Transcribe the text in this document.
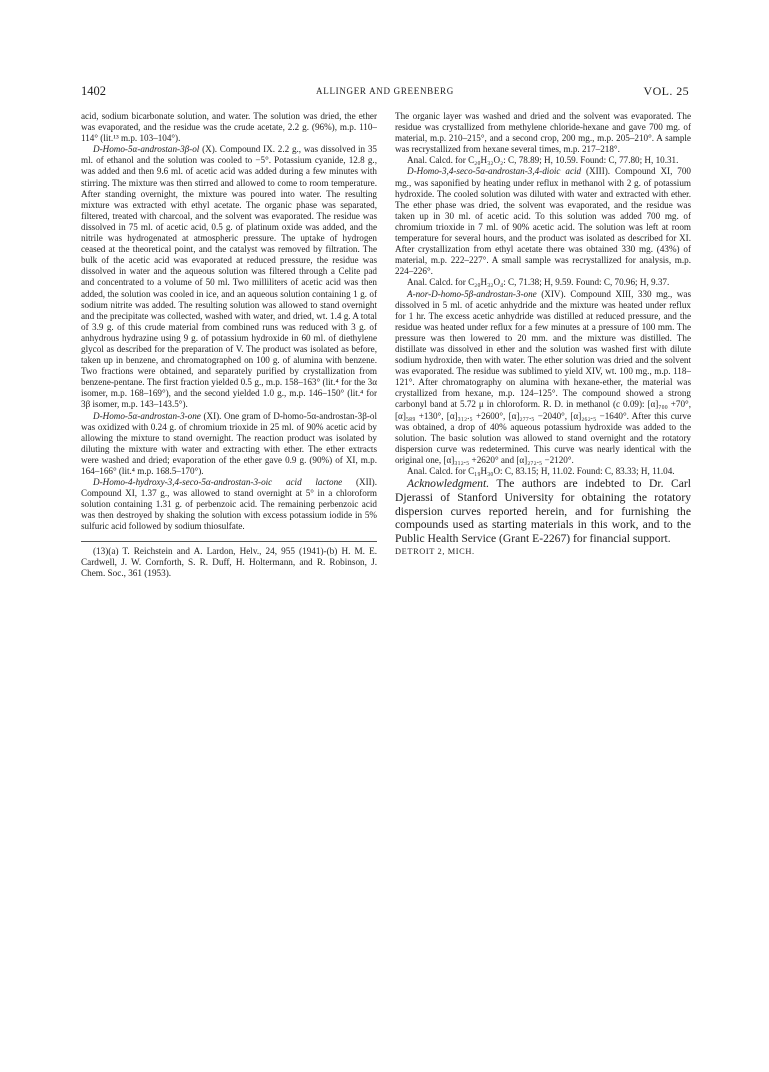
1402	ALLINGER AND GREENBERG	VOL. 25

acid, sodium bicarbonate solution, and water. The solution was dried, the ether was evaporated, and the residue was the crude acetate, 2.2 g. (96%), m.p. 110–114° (lit.¹³ m.p. 103–104°).

D-Homo-5α-androstan-3β-ol (X). Compound IX. 2.2 g., was dissolved in 35 ml. of ethanol and the solution was cooled to −5°. Potassium cyanide, 12.8 g., was added and then 9.6 ml. of acetic acid was added during a few minutes with stirring. The mixture was then stirred and allowed to come to room temperature. After standing overnight, the mixture was poured into water. The resulting mixture was extracted with ethyl acetate. The organic phase was separated, filtered, treated with charcoal, and the solvent was evaporated. The residue was dissolved in 75 ml. of acetic acid, 0.5 g. of platinum oxide was added, and the nitrile was hydrogenated at atmospheric pressure. The uptake of hydrogen ceased at the theoretical point, and the catalyst was removed by filtration. The bulk of the acetic acid was evaporated at reduced pressure, the residue was dissolved in water and the aqueous solution was filtered through a Celite pad and concentrated to a volume of 50 ml. Two milliliters of acetic acid was then added, the solution was cooled in ice, and an aqueous solution containing 1 g. of sodium nitrite was added. The resulting solution was allowed to stand overnight and the precipitate was collected, washed with water, and dried, wt. 1.4 g. A total of 3.9 g. of this crude material from combined runs was reduced with 3 g. of anhydrous hydrazine using 9 g. of potassium hydroxide in 60 ml. of diethylene glycol as described for the preparation of V. The product was isolated as before, taken up in benzene, and chromatographed on 100 g. of alumina with benzene. Two fractions were obtained, and separately purified by crystallization from benzene-pentane. The first fraction yielded 0.5 g., m.p. 158–163° (lit.⁴ for the 3α isomer, m.p. 168–169°), and the second yielded 1.0 g., m.p. 146–150° (lit.⁴ for 3β isomer, m.p. 143–143.5°).

D-Homo-5α-androstan-3-one (XI). One gram of D-homo-5α-androstan-3β-ol was oxidized with 0.24 g. of chromium trioxide in 25 ml. of 90% acetic acid by allowing the mixture to stand overnight. The reaction product was isolated by diluting the mixture with water and extracting with ether. The ether extracts were washed and dried; evaporation of the ether gave 0.9 g. (90%) of XI, m.p. 164–166° (lit.⁴ m.p. 168.5–170°).

D-Homo-4-hydroxy-3,4-seco-5α-androstan-3-oic acid lactone (XII). Compound XI, 1.37 g., was allowed to stand overnight at 5° in a chloroform solution containing 1.31 g. of perbenzoic acid. The remaining perbenzoic acid was then destroyed by shaking the solution with excess potassium iodide in 5% sulfuric acid followed by sodium thiosulfate.

(13)(a) T. Reichstein and A. Lardon, Helv., 24, 955 (1941)-(b) H. M. E. Cardwell, J. W. Cornforth, S. R. Duff, H. Holtermann, and R. Robinson, J. Chem. Soc., 361 (1953).

The organic layer was washed and dried and the solvent was evaporated. The residue was crystallized from methylene chloride-hexane and gave 700 mg. of material, m.p. 210–215°, and a second crop, 200 mg., m.p. 205–210°. A sample was recrystallized from hexane several times, m.p. 217–218°.

Anal. Calcd. for C₂₀H₃₂O₂: C, 78.89; H, 10.59. Found: C, 77.80; H, 10.31.

D-Homo-3,4-seco-5α-androstan-3,4-dioic acid (XIII). Compound XI, 700 mg., was saponified by heating under reflux in methanol with 2 g. of potassium hydroxide. The cooled solution was diluted with water and extracted with ether. The ether phase was dried, the solvent was evaporated, and the residue was taken up in 30 ml. of acetic acid. To this solution was added 700 mg. of chromium trioxide in 7 ml. of 90% acetic acid. The solution was left at room temperature for several hours, and the product was isolated as described for XI. After crystallization from ethyl acetate there was obtained 330 mg. (43%) of material, m.p. 222–227°. A small sample was recrystallized for analysis, m.p. 224–226°.

Anal. Calcd. for C₂₀H₃₂O₄: C, 71.38; H, 9.59. Found: C, 70.96; H, 9.37.

A-nor-D-homo-5β-androstan-3-one (XIV). Compound XIII, 330 mg., was dissolved in 5 ml. of acetic anhydride and the mixture was heated under reflux for 1 hr. The excess acetic anhydride was distilled at reduced pressure, and the residue was heated under reflux for a few minutes at a pressure of 100 mm. The pressure was then lowered to 20 mm. and the mixture was distilled. The distillate was dissolved in ether and the solution was washed first with dilute sodium hydroxide, then with water. The ether solution was dried and the solvent was evaporated. The residue was sublimed to yield XIV, wt. 100 mg., m.p. 118–121°. After chromatography on alumina with hexane-ether, the material was crystallized from hexane, m.p. 124–125°. The compound showed a strong carbonyl band at 5.72 μ in chloroform. R. D. in methanol (c 0.09): [α]₇₀₀ +70°, [α]₅₈₉ +130°, [α]₃₁₂.₅ +2600°, [α]₂₇₇.₅ −2040°, [α]₂₆₂.₅ −1640°. After this curve was obtained, a drop of 40% aqueous potassium hydroxide was added to the solution. The basic solution was allowed to stand overnight and the rotatory dispersion curve was redetermined. This curve was nearly identical with the original one, [α]₃₁₂.₅ +2620° and [α]₂₇₂.₅ −2120°.

Anal. Calcd. for C₁₉H₃₀O: C, 83.15; H, 11.02. Found: C, 83.33; H, 11.04.

Acknowledgment. The authors are indebted to Dr. Carl Djerassi of Stanford University for obtaining the rotatory dispersion curves reported herein, and for furnishing the compounds used as starting materials in this work, and to the Public Health Service (Grant E-2267) for financial support.

DETROIT 2, MICH.
